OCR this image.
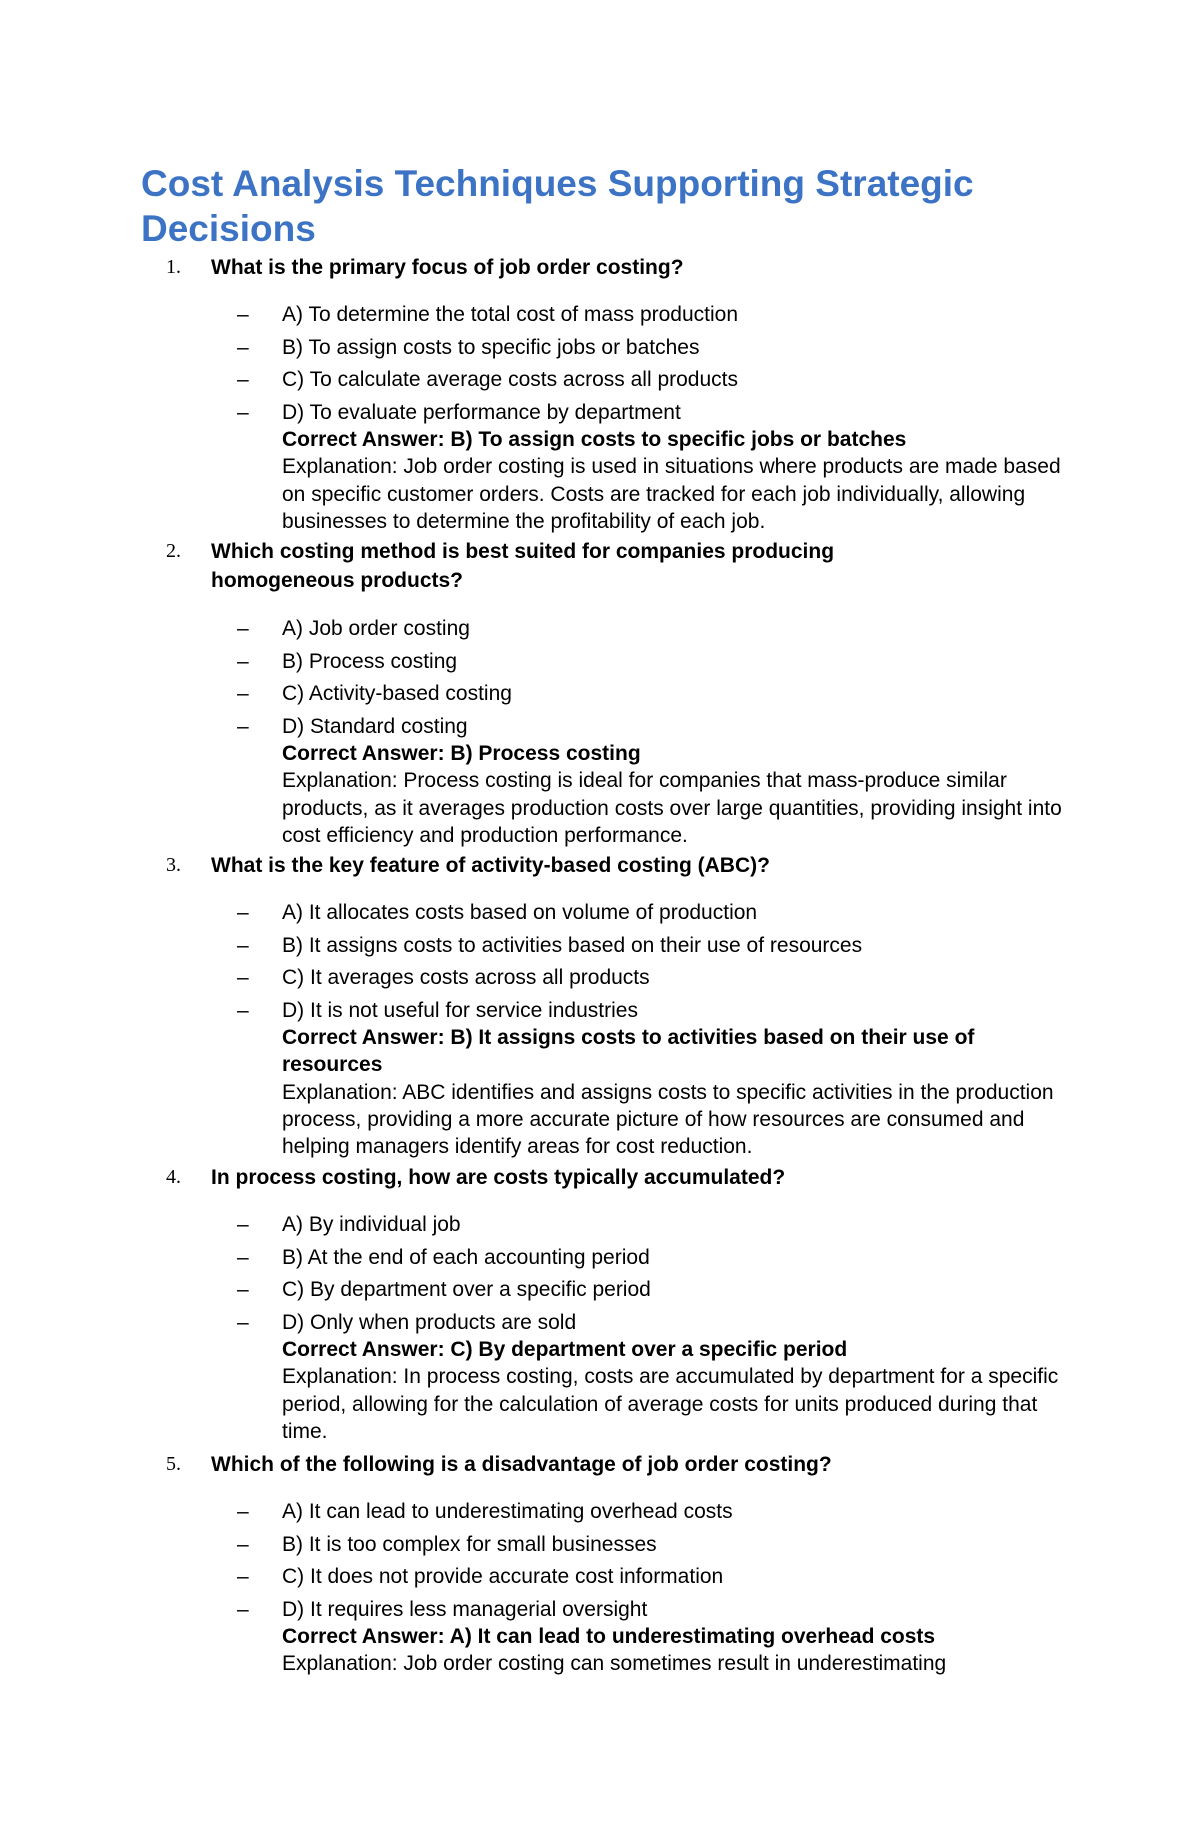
Cost Analysis Techniques Supporting Strategic Decisions
1. What is the primary focus of job order costing?

– A) To determine the total cost of mass production
– B) To assign costs to specific jobs or batches
– C) To calculate average costs across all products
– D) To evaluate performance by department

Correct Answer: B) To assign costs to specific jobs or batches

Explanation: Job order costing is used in situations where products are made based on specific customer orders. Costs are tracked for each job individually, allowing businesses to determine the profitability of each job.

2. Which costing method is best suited for companies producing homogeneous products?

– A) Job order costing
– B) Process costing
– C) Activity-based costing
– D) Standard costing

Correct Answer: B) Process costing

Explanation: Process costing is ideal for companies that mass-produce similar products, as it averages production costs over large quantities, providing insight into cost efficiency and production performance.

3. What is the key feature of activity-based costing (ABC)?

– A) It allocates costs based on volume of production
– B) It assigns costs to activities based on their use of resources
– C) It averages costs across all products
– D) It is not useful for service industries

Correct Answer: B) It assigns costs to activities based on their use of resources

Explanation: ABC identifies and assigns costs to specific activities in the production process, providing a more accurate picture of how resources are consumed and helping managers identify areas for cost reduction.

4. In process costing, how are costs typically accumulated?

– A) By individual job
– B) At the end of each accounting period
– C) By department over a specific period
– D) Only when products are sold

Correct Answer: C) By department over a specific period

Explanation: In process costing, costs are accumulated by department for a specific period, allowing for the calculation of average costs for units produced during that time.

5. Which of the following is a disadvantage of job order costing?

– A) It can lead to underestimating overhead costs
– B) It is too complex for small businesses
– C) It does not provide accurate cost information
– D) It requires less managerial oversight

Correct Answer: A) It can lead to underestimating overhead costs

Explanation: Job order costing can sometimes result in underestimating
